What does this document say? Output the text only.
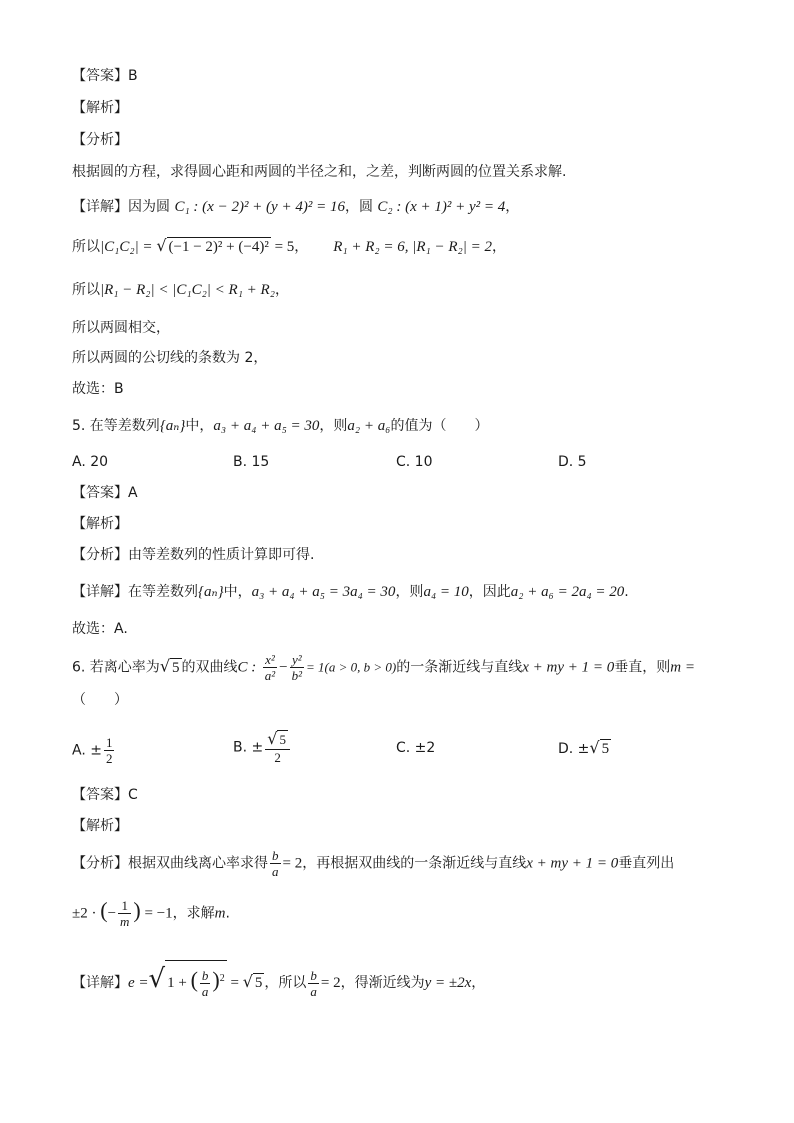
【答案】B
【解析】
【分析】
根据圆的方程，求得圆心距和两圆的半径之和，之差，判断两圆的位置关系求解.
【详解】因为圆 C₁ : (x − 2)² + (y + 4)² = 16，圆 C₂ : (x + 1)² + y² = 4，
所以|C₁C₂| = √ (−1 − 2)² + (−4)² = 5， R₁ + R₂ = 6, |R₁ − R₂| = 2，
所以|R₁ − R₂| < |C₁C₂| < R₁ + R₂，
所以两圆相交，
所以两圆的公切线的条数为 2，
故选：B
5. 在等差数列{aₙ}中，a₃ + a₄ + a₅ = 30，则a₂ + a₆的值为（　　）
A. 20	B. 15	C. 10	D. 5
【答案】A
【解析】
【分析】由等差数列的性质计算即可得.
【详解】在等差数列{aₙ}中，a₃ + a₄ + a₅ = 3a₄ = 30，则a₄ = 10，因此a₂ + a₆ = 2a₄ = 20.
故选：A.
6. 若离心率为√ 5 的双曲线C : $\frac{\text{x²}}{\text{a²}} - \frac{\text{y²}}{\text{b²}} = 1(a > 0$, b > 0)的一条渐近线与直线x + my + 1 = 0垂直，则m =
（　　）
A. ± $\frac{1}{2}$	B. ± $\frac{√ 5}{2}$	C. ±2	D. ±√ 5
【答案】C
【解析】
【分析】根据双曲线离心率求得 $\frac{b}{a} = 2$，再根据双曲线的一条渐近线与直线x + my + 1 = 0垂直列出
±2 · (− $\frac{1}{m}$ ) = −1，求解m.
【详解】e =√ 1 + ( $\frac{b}{a} )^2$ = √ 5 ，所以 $\frac{b}{a} = 2$，得渐近线为y = ±2x，
